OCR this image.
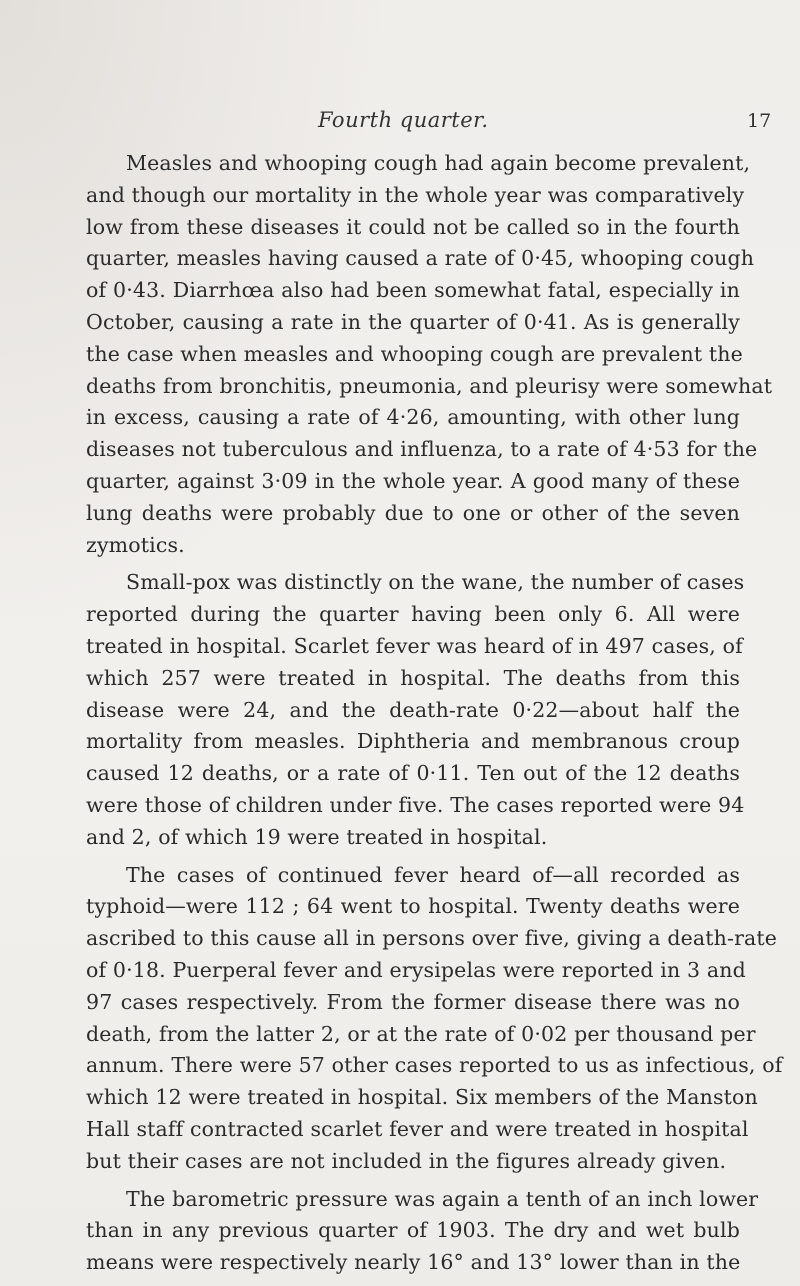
Fourth quarter.	17
Measles and whooping cough had again become prevalent,
and though our mortality in the whole year was comparatively
low from these diseases it could not be called so in the fourth
quarter, measles having caused a rate of 0·45, whooping cough
of 0·43. Diarrhœa also had been somewhat fatal, especially in
October, causing a rate in the quarter of 0·41. As is generally
the case when measles and whooping cough are prevalent the
deaths from bronchitis, pneumonia, and pleurisy were somewhat
in excess, causing a rate of 4·26, amounting, with other lung
diseases not tuberculous and influenza, to a rate of 4·53 for the
quarter, against 3·09 in the whole year. A good many of these
lung deaths were probably due to one or other of the seven
zymotics.
Small-pox was distinctly on the wane, the number of cases
reported during the quarter having been only 6. All were
treated in hospital. Scarlet fever was heard of in 497 cases, of
which 257 were treated in hospital. The deaths from this
disease were 24, and the death-rate 0·22—about half the
mortality from measles. Diphtheria and membranous croup
caused 12 deaths, or a rate of 0·11. Ten out of the 12 deaths
were those of children under five. The cases reported were 94
and 2, of which 19 were treated in hospital.
The cases of continued fever heard of—all recorded as
typhoid—were 112 ; 64 went to hospital. Twenty deaths were
ascribed to this cause all in persons over five, giving a death-rate
of 0·18. Puerperal fever and erysipelas were reported in 3 and
97 cases respectively. From the former disease there was no
death, from the latter 2, or at the rate of 0·02 per thousand per
annum. There were 57 other cases reported to us as infectious, of
which 12 were treated in hospital. Six members of the Manston
Hall staff contracted scarlet fever and were treated in hospital
but their cases are not included in the figures already given.
The barometric pressure was again a tenth of an inch lower
than in any previous quarter of 1903. The dry and wet bulb
means were respectively nearly 16° and 13° lower than in the
